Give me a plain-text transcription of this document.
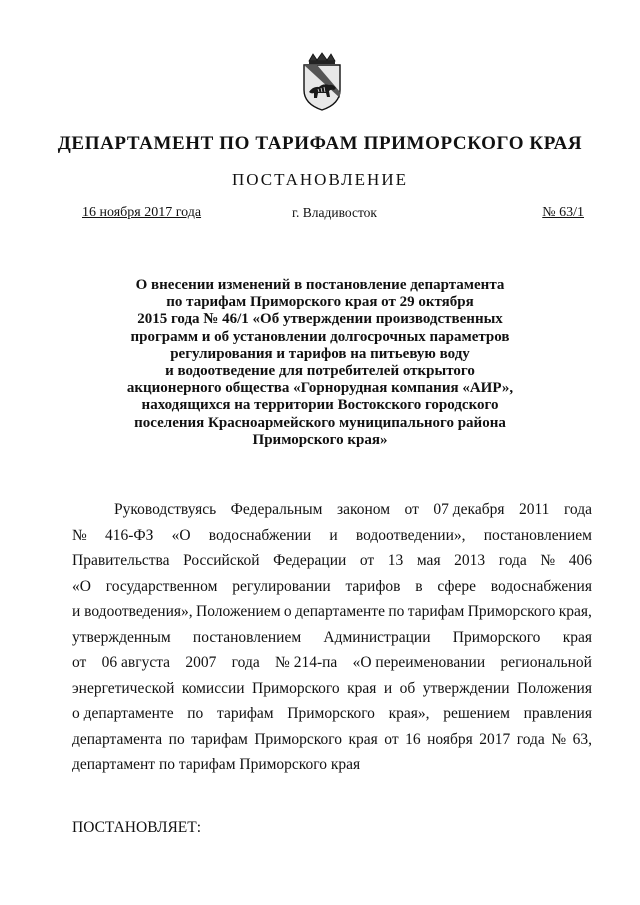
ДЕПАРТАМЕНТ ПО ТАРИФАМ ПРИМОРСКОГО КРАЯ
ПОСТАНОВЛЕНИЕ
16 ноября 2017 года	г. Владивосток	№ 63/1
О внесении изменений в постановление департамента
по тарифам Приморского края от 29 октября
2015 года № 46/1 «Об утверждении производственных
программ и об установлении долгосрочных параметров
регулирования и тарифов на питьевую воду
и водоотведение для потребителей открытого
акционерного общества «Горнорудная компания «АИР»,
находящихся на территории Востокского городского
поселения Красноармейского муниципального района
Приморского края»
Руководствуясь Федеральным законом от 07 декабря 2011 года
№ 416-ФЗ «О водоснабжении и водоотведении», постановлением
Правительства Российской Федерации от 13 мая 2013 года № 406
«О государственном регулировании тарифов в сфере водоснабжения
и водоотведения», Положением о департаменте по тарифам Приморского края,
утвержденным постановлением Администрации Приморского края
от 06 августа 2007 года № 214-па «О переименовании региональной
энергетической комиссии Приморского края и об утверждении Положения
о департаменте по тарифам Приморского края», решением правления
департамента по тарифам Приморского края от 16 ноября 2017 года № 63,
департамент по тарифам Приморского края
ПОСТАНОВЛЯЕТ:
